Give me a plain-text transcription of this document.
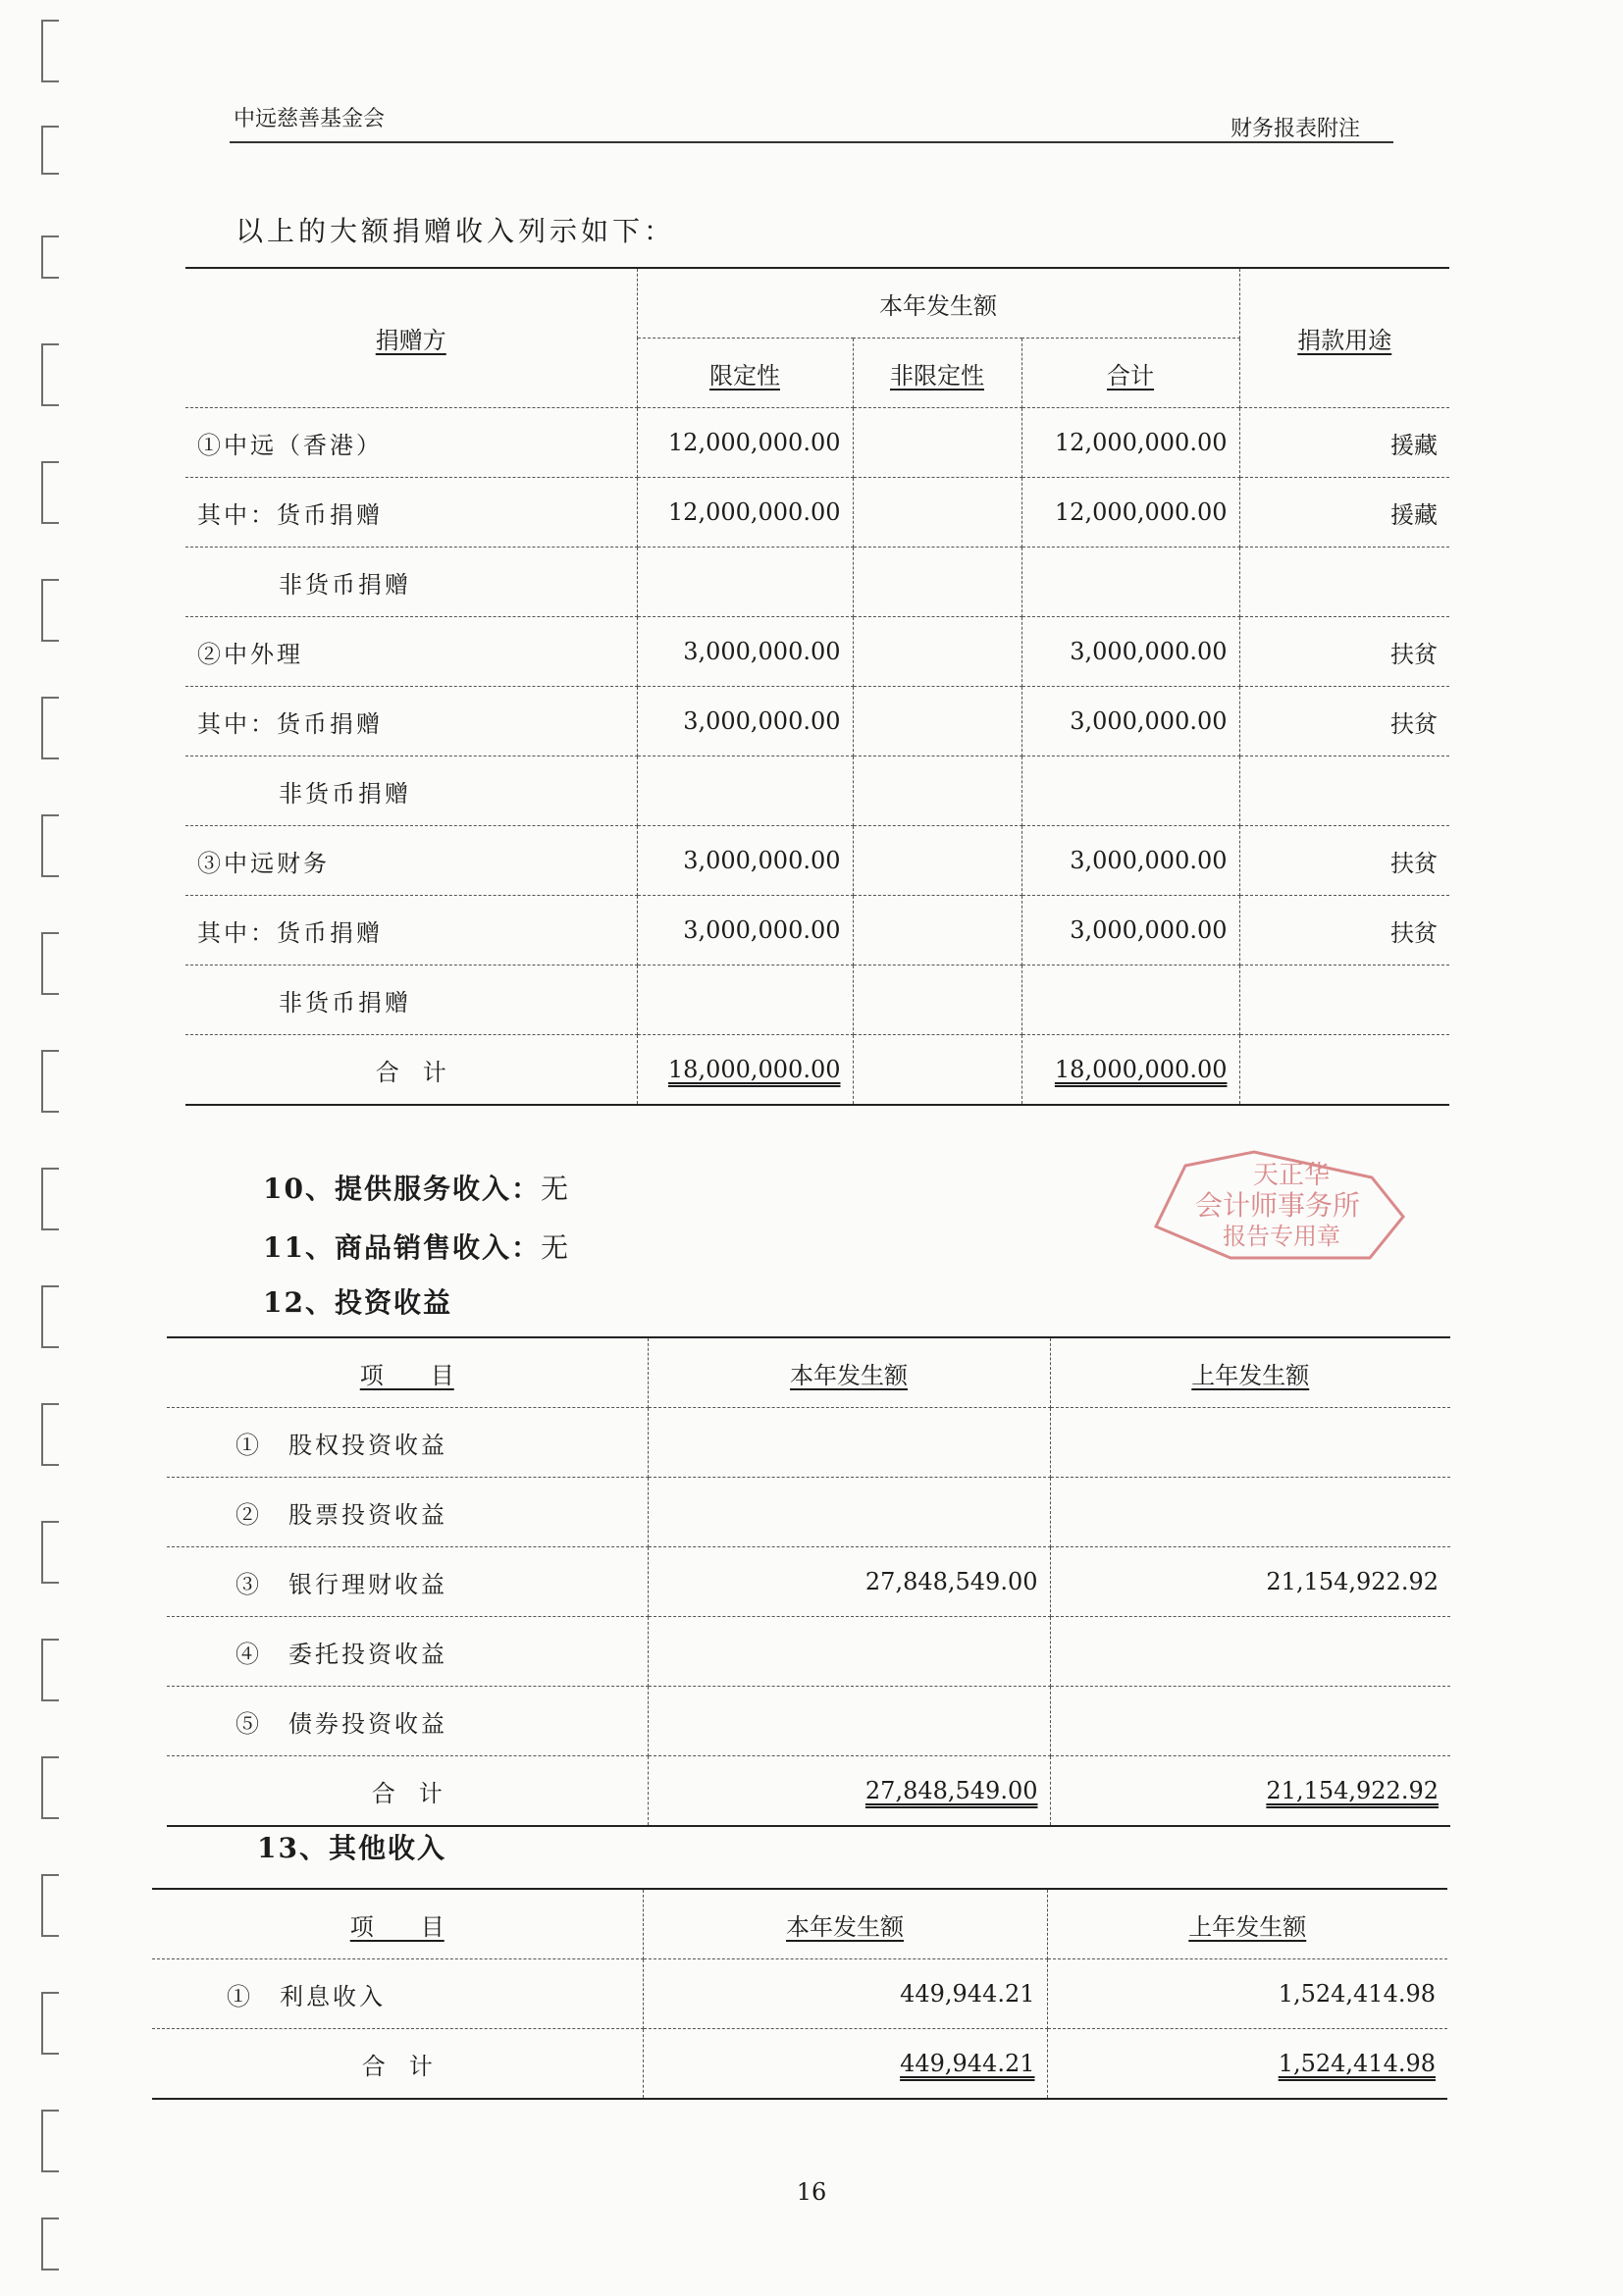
中远慈善基金会	财务报表附注
以上的大额捐赠收入列示如下：
捐赠方	本年发生额			捐款用途
	限定性	非限定性	合计	
①中远（香港）	12,000,000.00		12,000,000.00	援藏
其中：货币捐赠	12,000,000.00		12,000,000.00	援藏
非货币捐赠				
②中外理	3,000,000.00		3,000,000.00	扶贫
其中：货币捐赠	3,000,000.00		3,000,000.00	扶贫
非货币捐赠				
③中远财务	3,000,000.00		3,000,000.00	扶贫
其中：货币捐赠	3,000,000.00		3,000,000.00	扶贫
非货币捐赠				
合　计	18,000,000.00		18,000,000.00	
10、提供服务收入：无
11、商品销售收入：无
12、投资收益
天正华
会计师事务所
报告专用章
项　　目	本年发生额	上年发生额
①　 股权投资收益		
②　 股票投资收益		
③　 银行理财收益	27,848,549.00	21,154,922.92
④　 委托投资收益		
⑤　 债券投资收益		
合　计	27,848,549.00	21,154,922.92
13、其他收入
项　　目	本年发生额	上年发生额
①　 利息收入	449,944.21	1,524,414.98
合　计	449,944.21	1,524,414.98
16
